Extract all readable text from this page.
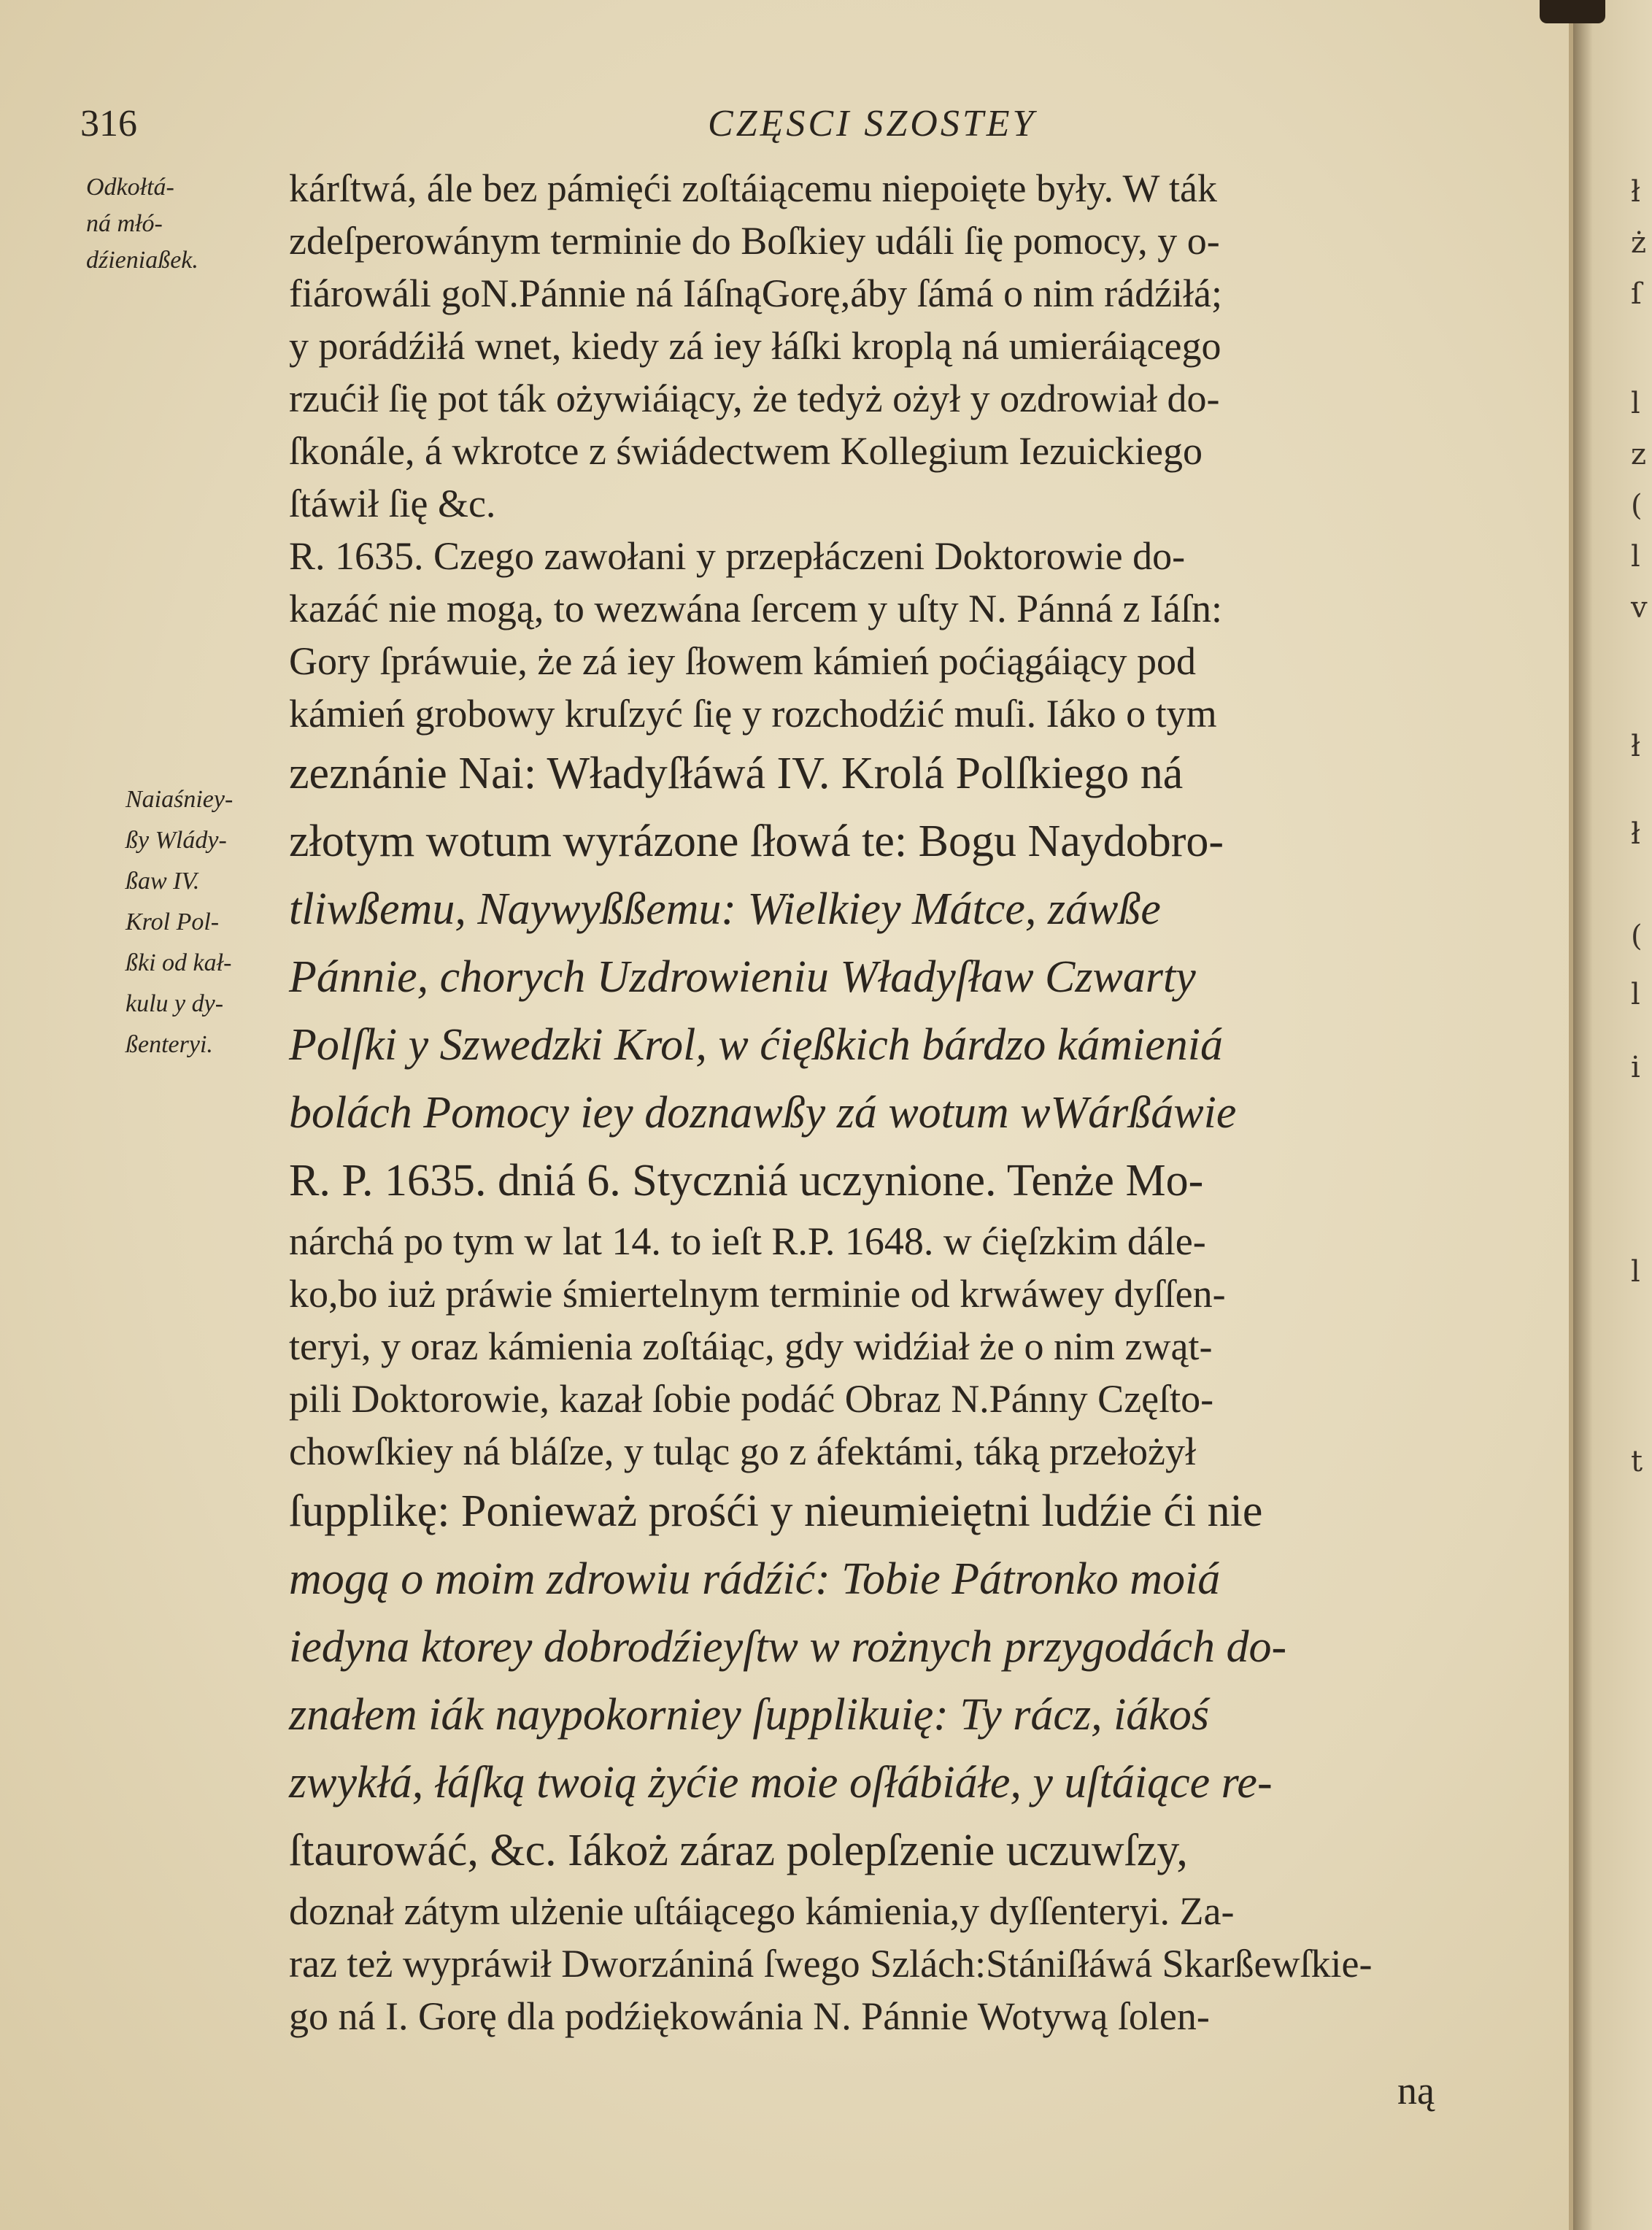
ł
ż
ſ
l
z
(
l
v
ł
ł
(
l
i
l
t
316	CZĘSCI SZOSTEY
Odkołtá-
ná młó-
dźieniaßek.
Naiaśniey-
ßy Wlády-
ßaw IV.
Krol Pol-
ßki od kał-
kulu y dy-
ßenteryi.
kárſtwá, ále bez pámięći zoſtáiącemu niepoięte były. W ták
zdeſperowánym terminie do Boſkiey událi ſię pomocy, y o-
fiárowáli goN.Pánnie ná IáſnąGorę,áby ſámá o nim rádźiłá;
y porádźiłá wnet, kiedy zá iey łáſki kroplą ná umieráiącego
rzućił ſię pot ták ożywiáiący, że tedyż ożył y ozdrowiał do-
ſkonále, á wkrotce z świádectwem Kollegium Iezuickiego
ſtáwił ſię &c.
R. 1635. Czego zawołani y przepłáczeni Doktorowie do-
kazáć nie mogą, to wezwána ſercem y uſty N. Pánná z Iáſn:
Gory ſpráwuie, że zá iey ſłowem kámień poćiągáiący pod
kámień grobowy kruſzyć ſię y rozchodźić muſi. Iáko o tym
zeznánie Nai: Władyſłáwá IV. Krolá Polſkiego ná
złotym wotum wyrázone ſłowá te: Bogu Naydobro-
tliwßemu, Naywyßßemu: Wielkiey Mátce, záwße
Pánnie, chorych Uzdrowieniu Władyſław Czwarty
Polſki y Szwedzki Krol, w ćięßkich bárdzo kámieniá
bolách Pomocy iey doznawßy zá wotum wWárßáwie
R. P. 1635. dniá 6. Styczniá uczynione. Tenże Mo-
nárchá po tym w lat 14. to ieſt R.P. 1648. w ćięſzkim dále-
ko,bo iuż práwie śmiertelnym terminie od krwáwey dyſſen-
teryi, y oraz kámienia zoſtáiąc, gdy widźiał że o nim zwąt-
pili Doktorowie, kazał ſobie podáć Obraz N.Pánny Częſto-
chowſkiey ná bláſze, y tuląc go z áfektámi, táką przełożył
ſupplikę: Ponieważ prośći y nieumieiętni ludźie ći nie
mogą o moim zdrowiu rádźić: Tobie Pátronko moiá
iedyna ktorey dobrodźieyſtw w rożnych przygodách do-
znałem iák naypokorniey ſupplikuię: Ty rácz, iákoś
zwykłá, łáſką twoią żyćie moie oſłábiáłe, y uſtáiące re-
ſtaurowáć, &c. Iákoż záraz polepſzenie uczuwſzy,
doznał zátym ulżenie uſtáiącego kámienia,y dyſſenteryi. Za-
raz też wypráwił Dworzániná ſwego Szlách:Stániſłáwá Skarßewſkie-
go ná I. Gorę dla podźiękowánia N. Pánnie Wotywą ſolen-
ną
